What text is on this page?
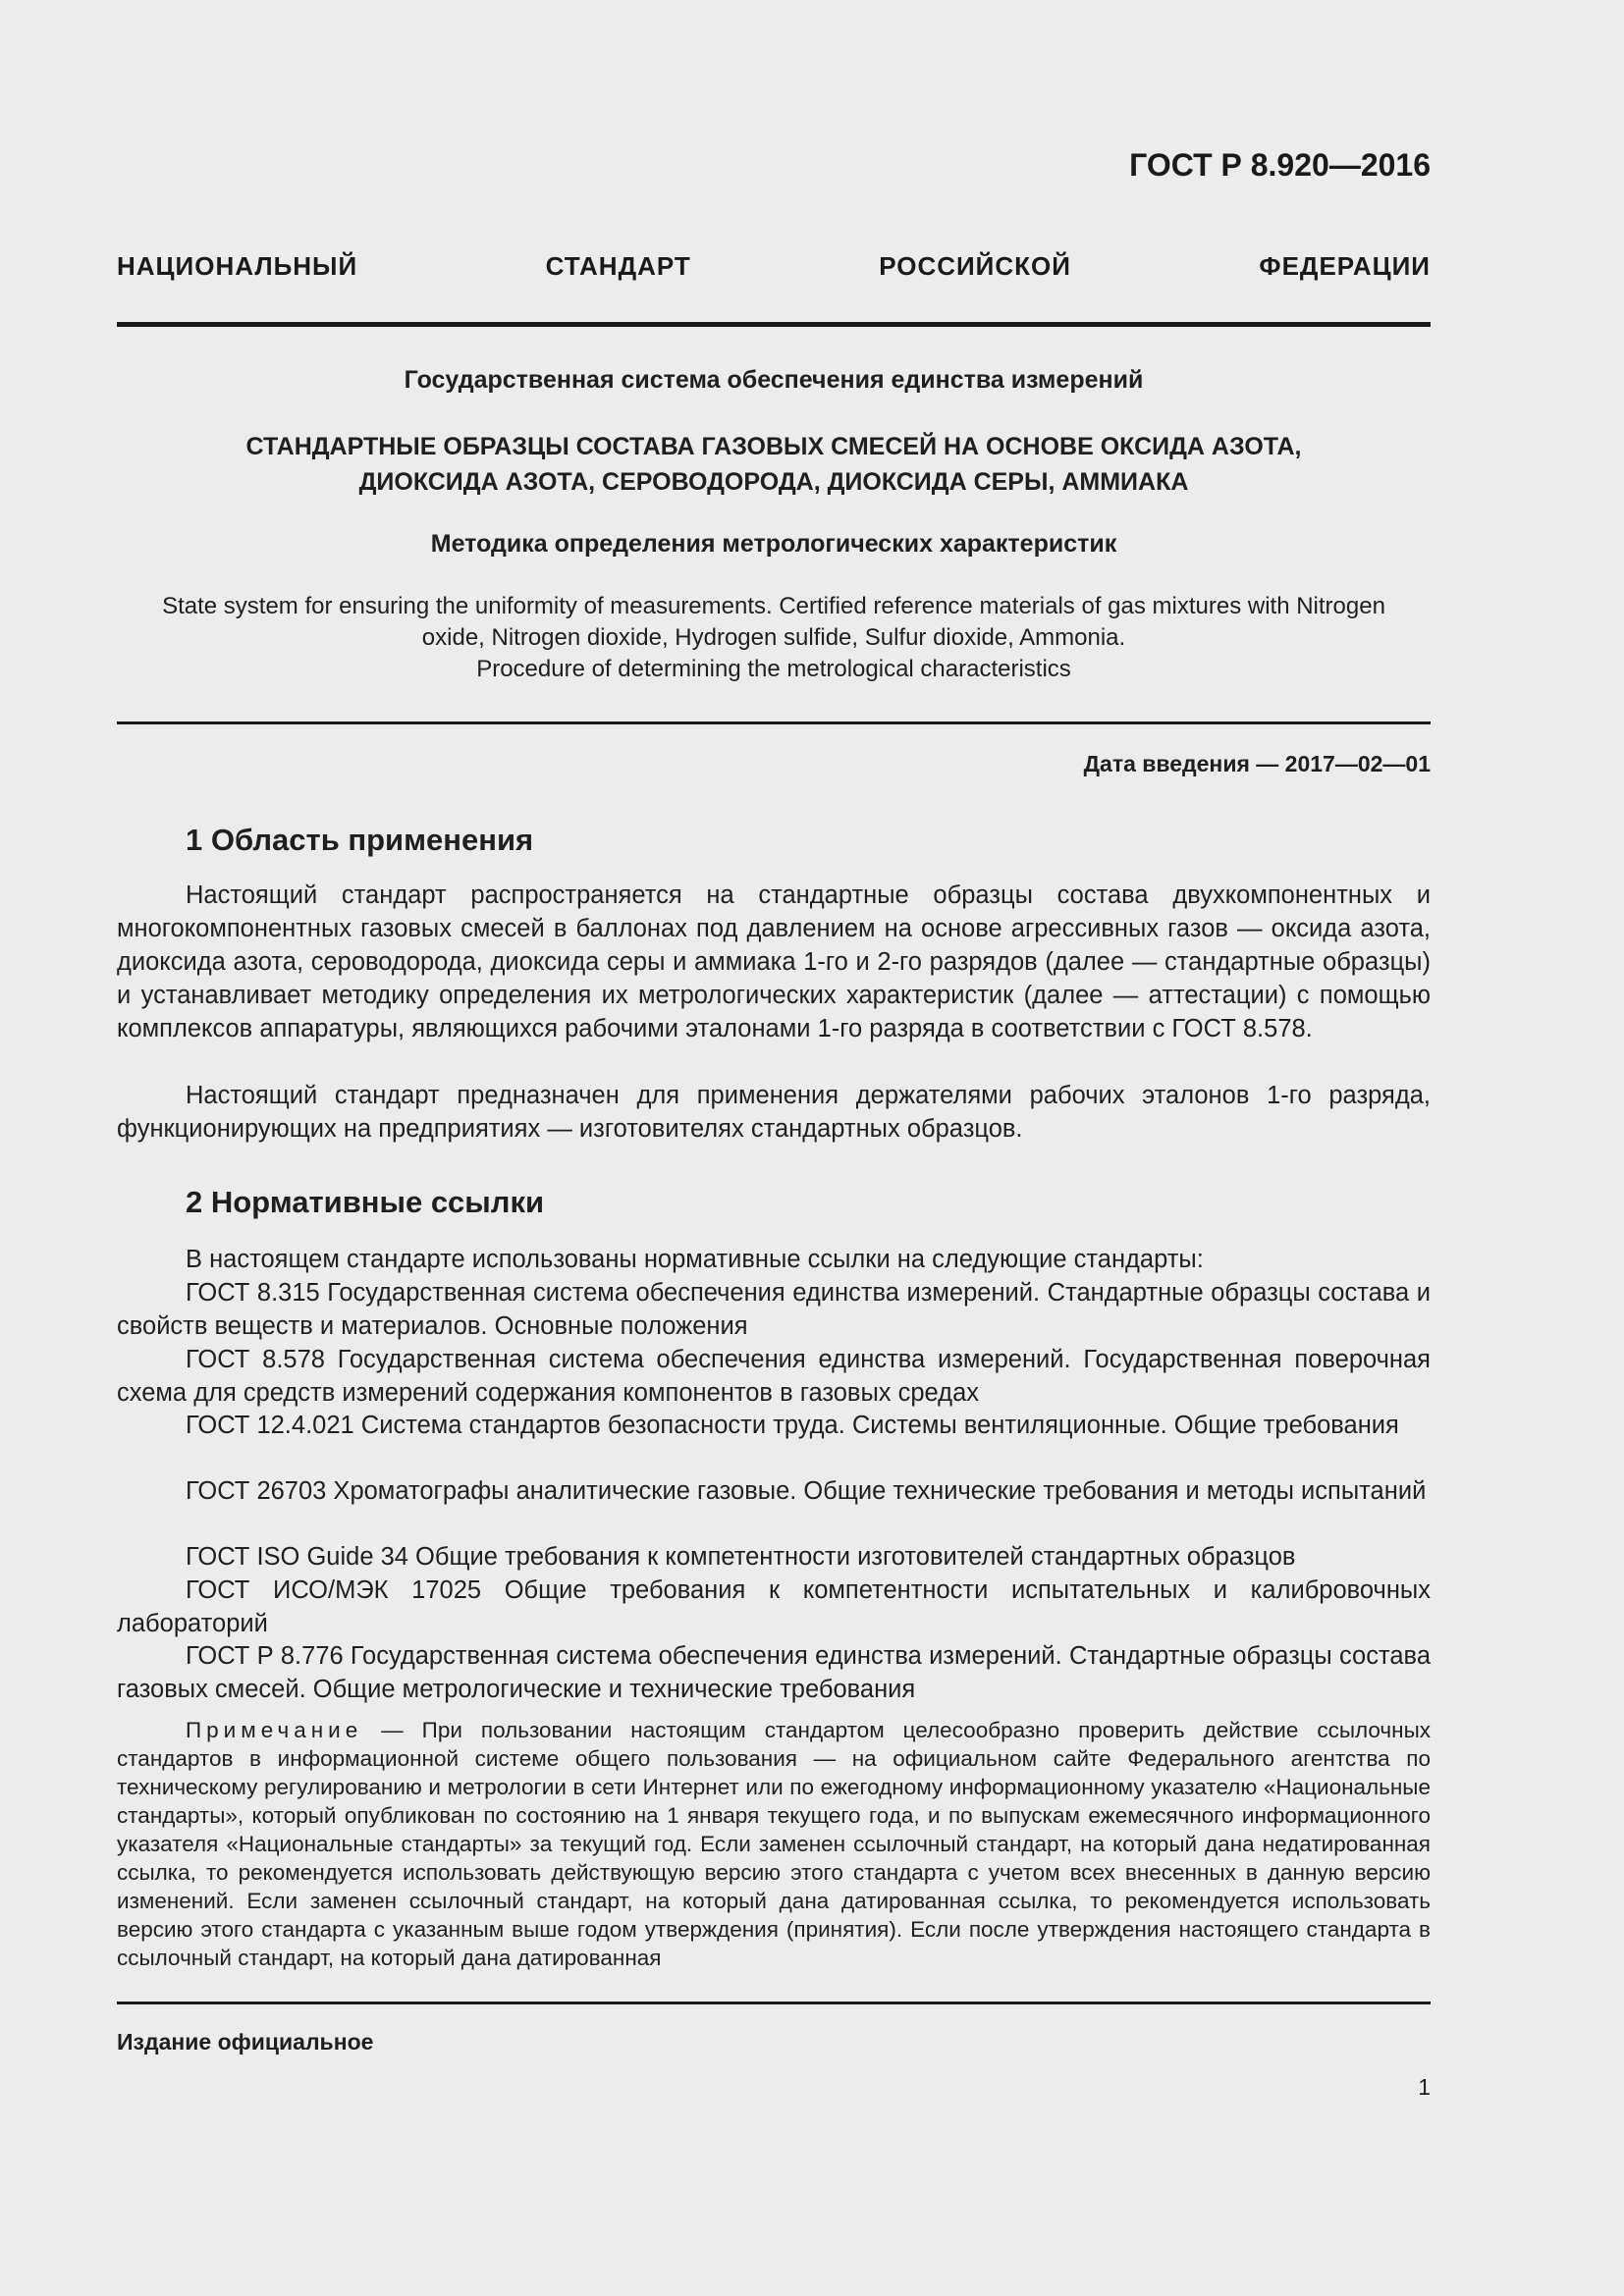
ГОСТ Р 8.920—2016
НАЦИОНАЛЬНЫЙ СТАНДАРТ РОССИЙСКОЙ ФЕДЕРАЦИИ
Государственная система обеспечения единства измерений
СТАНДАРТНЫЕ ОБРАЗЦЫ СОСТАВА ГАЗОВЫХ СМЕСЕЙ НА ОСНОВЕ ОКСИДА АЗОТА,
ДИОКСИДА АЗОТА, СЕРОВОДОРОДА, ДИОКСИДА СЕРЫ, АММИАКА
Методика определения метрологических характеристик
State system for ensuring the uniformity of measurements. Certified reference materials of gas mixtures with Nitrogen
oxide, Nitrogen dioxide, Hydrogen sulfide, Sulfur dioxide, Ammonia.
Procedure of determining the metrological characteristics
Дата введения — 2017—02—01
1 Область применения
Настоящий стандарт распространяется на стандартные образцы состава двухкомпонентных и многокомпонентных газовых смесей в баллонах под давлением на основе агрессивных газов — оксида азота, диоксида азота, сероводорода, диоксида серы и аммиака 1-го и 2-го разрядов (далее — стандартные образцы) и устанавливает методику определения их метрологических характеристик (далее — аттестации) с помощью комплексов аппаратуры, являющихся рабочими эталонами 1-го разряда в соответствии с ГОСТ 8.578.
Настоящий стандарт предназначен для применения держателями рабочих эталонов 1-го разряда, функционирующих на предприятиях — изготовителях стандартных образцов.
2 Нормативные ссылки
В настоящем стандарте использованы нормативные ссылки на следующие стандарты:
ГОСТ 8.315 Государственная система обеспечения единства измерений. Стандартные образцы состава и свойств веществ и материалов. Основные положения
ГОСТ 8.578 Государственная система обеспечения единства измерений. Государственная поверочная схема для средств измерений содержания компонентов в газовых средах
ГОСТ 12.4.021 Система стандартов безопасности труда. Системы вентиляционные. Общие требования
ГОСТ 26703 Хроматографы аналитические газовые. Общие технические требования и методы испытаний
ГОСТ ISO Guide 34 Общие требования к компетентности изготовителей стандартных образцов
ГОСТ ИСО/МЭК 17025 Общие требования к компетентности испытательных и калибровочных лабораторий
ГОСТ Р 8.776 Государственная система обеспечения единства измерений. Стандартные образцы состава газовых смесей. Общие метрологические и технические требования
Примечание — При пользовании настоящим стандартом целесообразно проверить действие ссылочных стандартов в информационной системе общего пользования — на официальном сайте Федерального агентства по техническому регулированию и метрологии в сети Интернет или по ежегодному информационному указателю «Национальные стандарты», который опубликован по состоянию на 1 января текущего года, и по выпускам ежемесячного информационного указателя «Национальные стандарты» за текущий год. Если заменен ссылочный стандарт, на который дана недатированная ссылка, то рекомендуется использовать действующую версию этого стандарта с учетом всех внесенных в данную версию изменений. Если заменен ссылочный стандарт, на который дана датированная ссылка, то рекомендуется использовать версию этого стандарта с указанным выше годом утверждения (принятия). Если после утверждения настоящего стандарта в ссылочный стандарт, на который дана датированная
Издание официальное
1
